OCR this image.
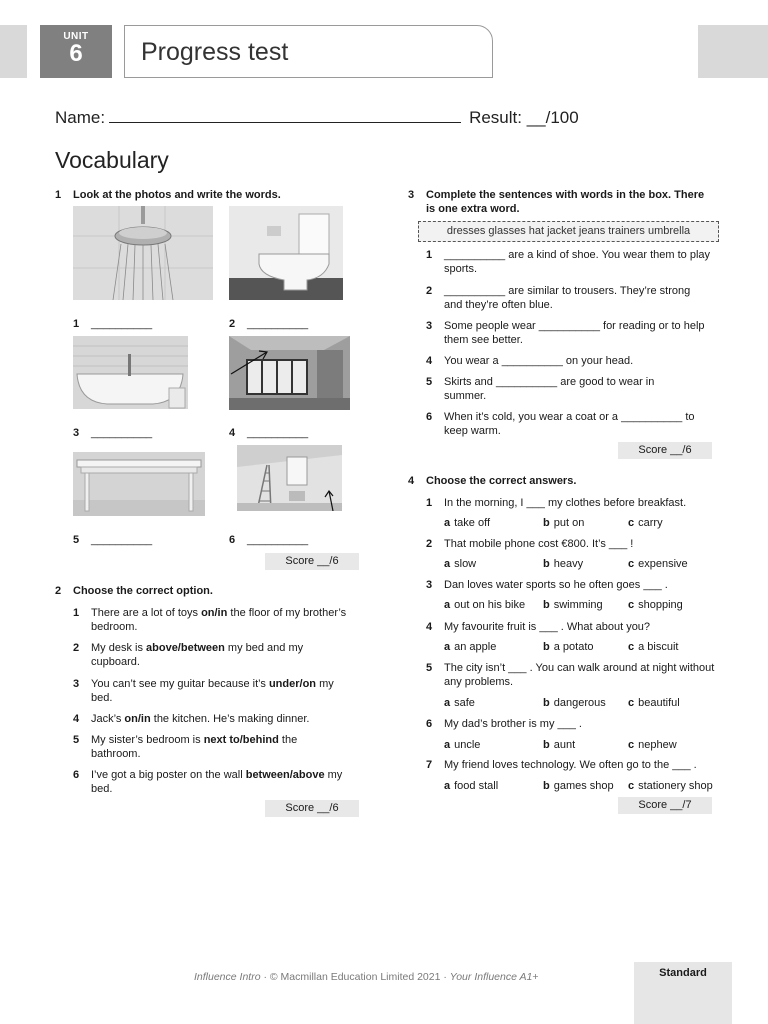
UNIT
6	Progress test
Name:	Result: __/100
Vocabulary
1 Look at the photos and write the words.
1 __________	2 __________
3 __________	4 __________
5 __________	6 __________
Score __/6
2 Choose the correct option.
1 There are a lot of toys on/in the floor of my brother’s bedroom.
2 My desk is above/between my bed and my cupboard.
3 You can’t see my guitar because it’s under/on my bed.
4 Jack’s on/in the kitchen. He’s making dinner.
5 My sister’s bedroom is next to/behind the bathroom.
6 I’ve got a big poster on the wall between/above my bed.
Score __/6
3 Complete the sentences with words in the box. There is one extra word.
dresses glasses hat jacket jeans trainers umbrella
1 __________ are a kind of shoe. You wear them to play sports.
2 __________ are similar to trousers. They’re strong and they’re often blue.
3 Some people wear __________ for reading or to help them see better.
4 You wear a __________ on your head.
5 Skirts and __________ are good to wear in summer.
6 When it’s cold, you wear a coat or a __________ to keep warm.
Score __/6
4 Choose the correct answers.
1 In the morning, I ___ my clothes before breakfast.
a take off	b put on	c carry
2 That mobile phone cost €800. It’s ___ !
a slow	b heavy	c expensive
3 Dan loves water sports so he often goes ___ .
a out on his bike b swimming c shopping
4 My favourite fruit is ___ . What about you?
a an apple	b a potato	c a biscuit
5 The city isn’t ___ . You can walk around at night without any problems.
a safe	b dangerous c beautiful
6 My dad’s brother is my ___ .
a uncle	b aunt	c nephew
7 My friend loves technology. We often go to the ___ .
a food stall	b games shop c stationery shop
Score __/7
Influence Intro · © Macmillan Education Limited 2021 · Your Influence A1+	Standard
